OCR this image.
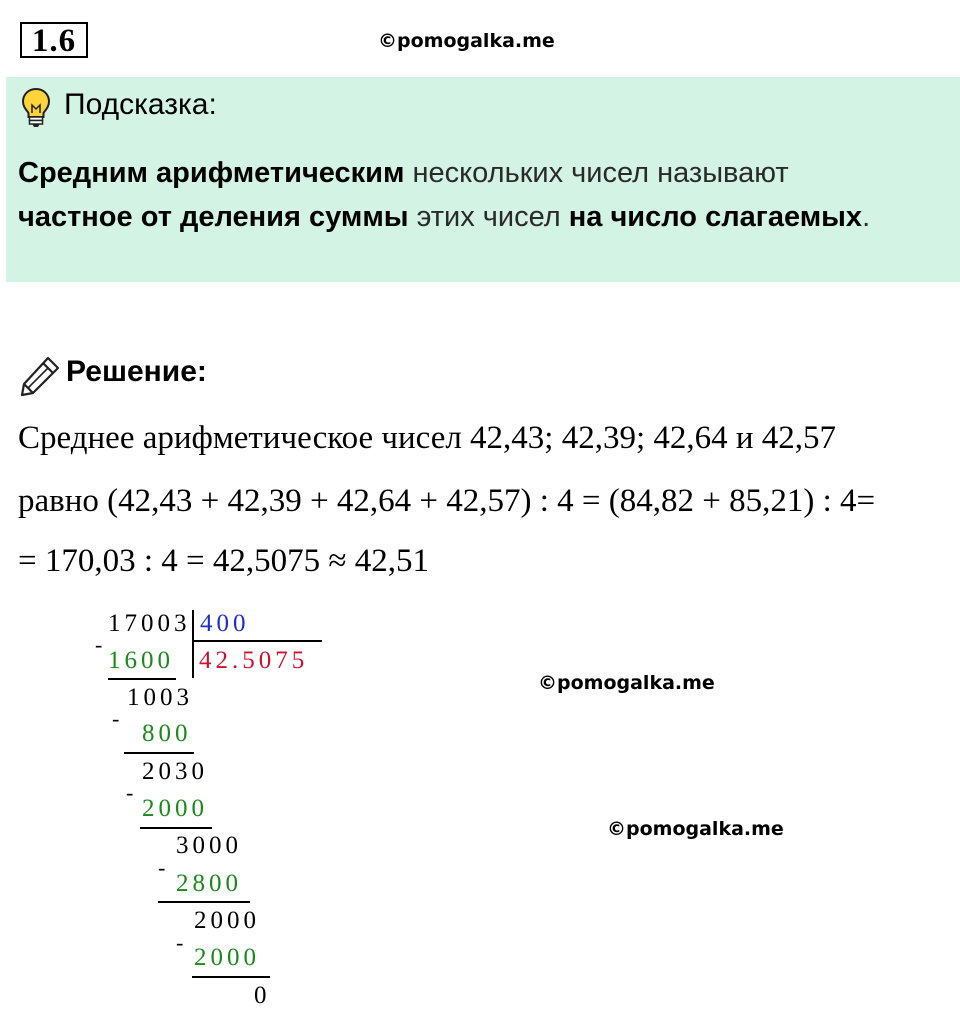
1.6	©pomogalka.me
Подсказка:
Средним арифметическим нескольких чисел называют
частное от деления суммы этих чисел на число слагаемых.
Решение:
Среднее арифметическое чисел 42,43; 42,39; 42,64 и 42,57
равно (42,43 + 42,39 + 42,64 + 42,57) : 4 = (84,82 + 85,21) : 4=
= 170,03 : 4 = 42,5075 ≈ 42,51
17003 400
42.5075
-
1600
1003
-
800
2030
-
2000
3000
-
2800
2000
-
2000
0
©pomogalka.me
©pomogalka.me
